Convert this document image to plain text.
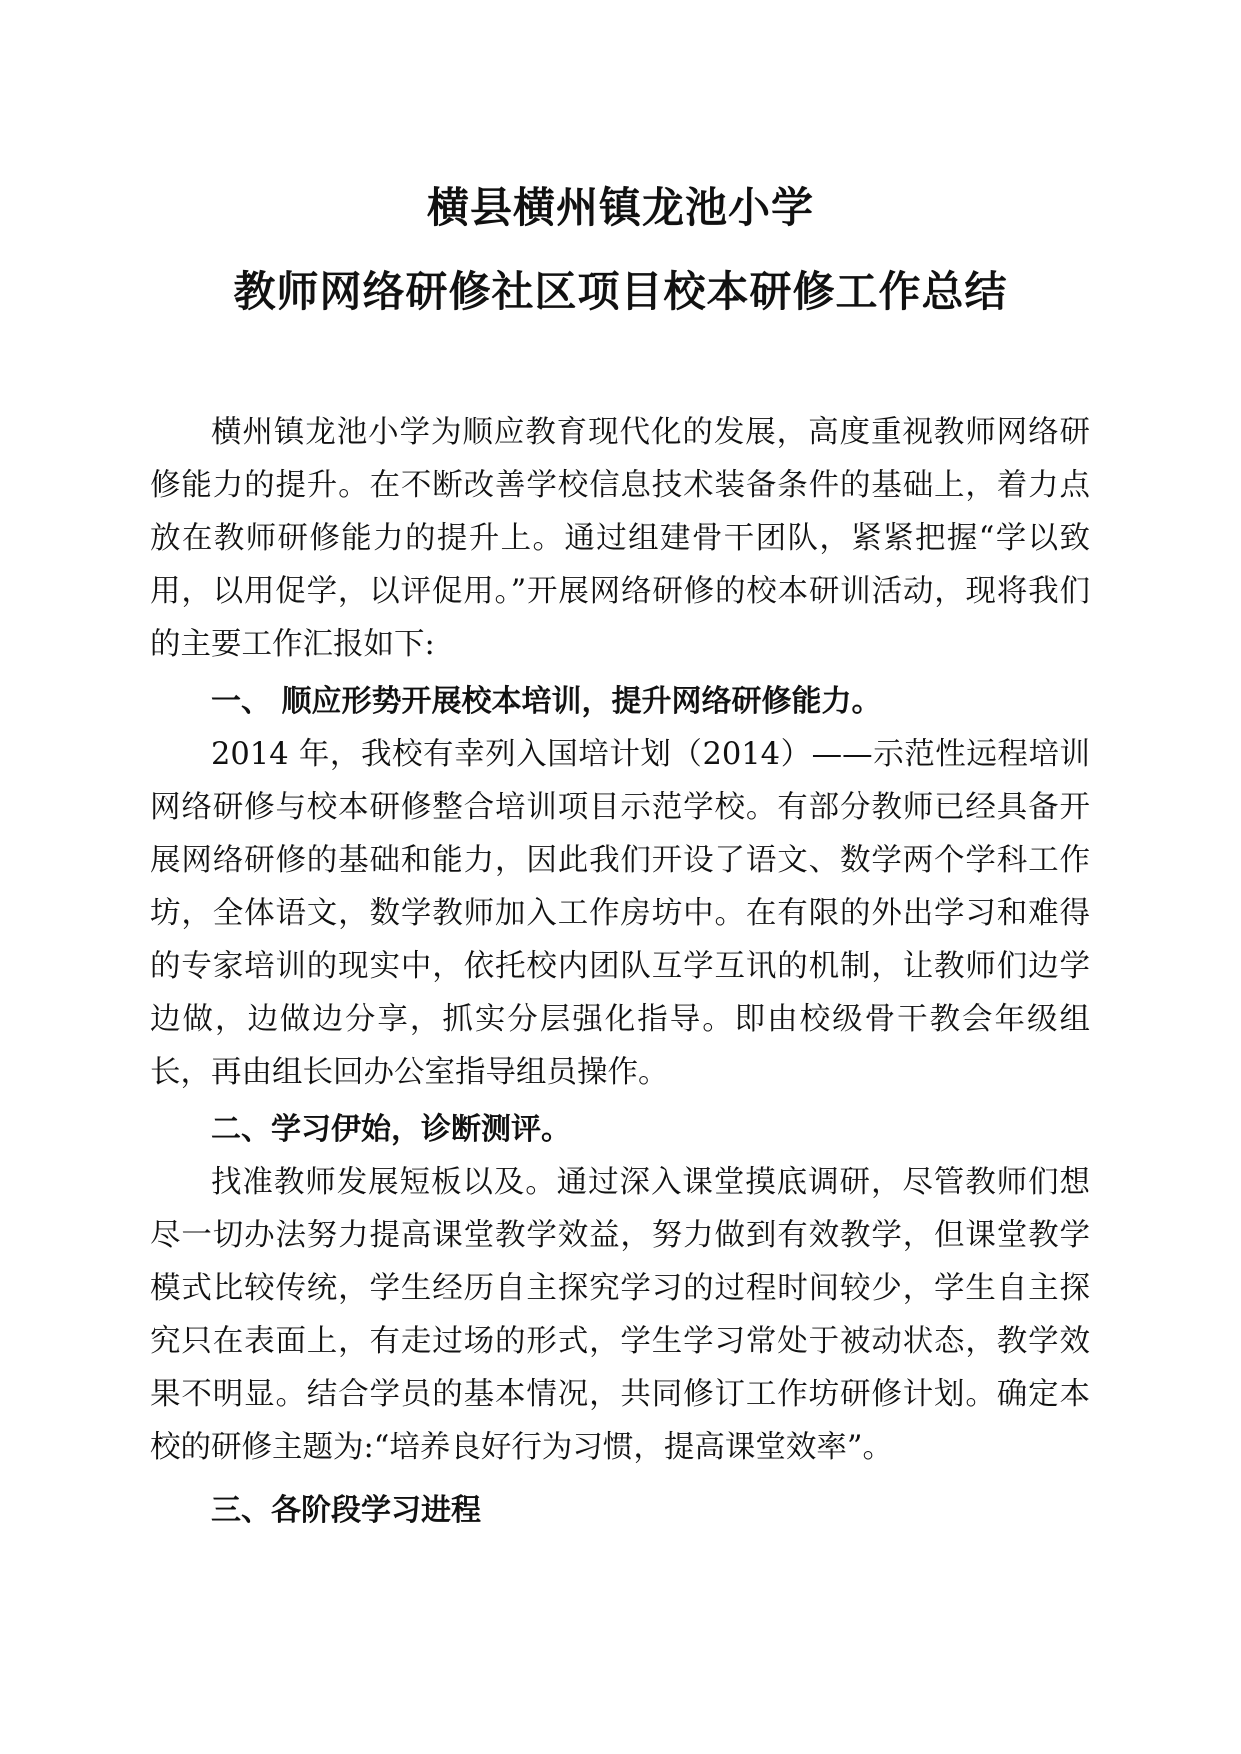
横县横州镇龙池小学
教师网络研修社区项目校本研修工作总结

横州镇龙池小学为顺应教育现代化的发展，高度重视教师网络研修能力的提升。在不断改善学校信息技术装备条件的基础上，着力点放在教师研修能力的提升上。通过组建骨干团队，紧紧把握“学以致用，以用促学，以评促用。”开展网络研修的校本研训活动，现将我们的主要工作汇报如下:

一、 顺应形势开展校本培训，提升网络研修能力。

2014 年，我校有幸列入国培计划（2014）——示范性远程培训网络研修与校本研修整合培训项目示范学校。有部分教师已经具备开展网络研修的基础和能力，因此我们开设了语文、数学两个学科工作坊，全体语文，数学教师加入工作房坊中。在有限的外出学习和难得的专家培训的现实中，依托校内团队互学互讯的机制，让教师们边学边做，边做边分享，抓实分层强化指导。即由校级骨干教会年级组长，再由组长回办公室指导组员操作。

二、学习伊始，诊断测评。

找准教师发展短板以及。通过深入课堂摸底调研，尽管教师们想尽一切办法努力提高课堂教学效益，努力做到有效教学，但课堂教学模式比较传统，学生经历自主探究学习的过程时间较少，学生自主探究只在表面上，有走过场的形式，学生学习常处于被动状态，教学效果不明显。结合学员的基本情况，共同修订工作坊研修计划。确定本校的研修主题为:“培养良好行为习惯，提高课堂效率”。

三、各阶段学习进程
